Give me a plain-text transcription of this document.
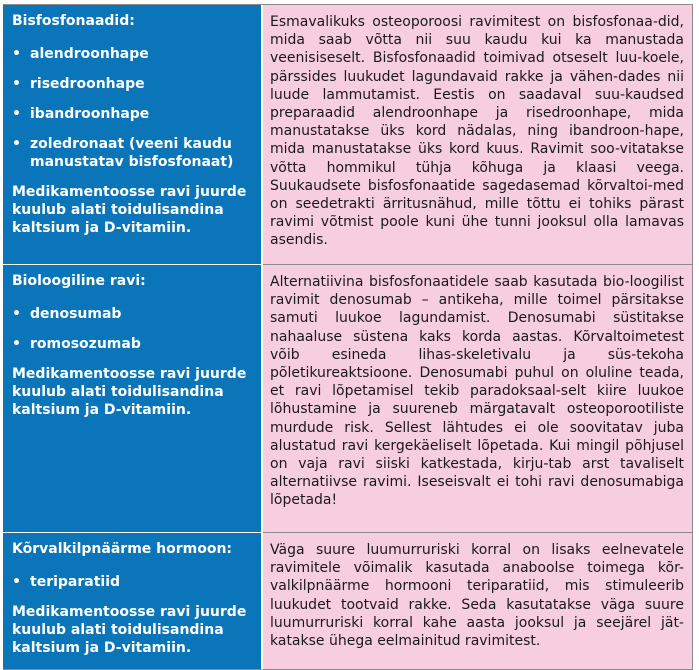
Bisfosfonaadid:
• alendroonhape
• risedroonhape
• ibandroonhape
• zoledronaat (veeni kaudu manustatav bisfosfonaat)
Medikamentoosse ravi juurde kuulub alati toidulisandina kaltsium ja D-vitamiin.
Esmavalikuks osteoporoosi ravimitest on bisfosfonaa-did, mida saab võtta nii suu kaudu kui ka manustada veenisiseselt. Bisfosfonaadid toimivad otseselt luu-koele, pärssides luukudet lagundavaid rakke ja vähen-dades nii luude lammutamist. Eestis on saadaval suu-kaudsed preparaadid alendroonhape ja risedroonhape, mida manustatakse üks kord nädalas, ning ibandroon-hape, mida manustatakse üks kord kuus. Ravimit soo-vitatakse võtta hommikul tühja kõhuga ja klaasi veega. Suukaudsete bisfosfonaatide sagedasemad kõrvaltoi-med on seedetrakti ärritusnähud, mille tõttu ei tohiks pärast ravimi võtmist poole kuni ühe tunni jooksul olla lamavas asendis.
Bioloogiline ravi:
• denosumab
• romosozumab
Medikamentoosse ravi juurde kuulub alati toidulisandina kaltsium ja D-vitamiin.
Alternatiivina bisfosfonaatidele saab kasutada bio-loogilist ravimit denosumab – antikeha, mille toimel pärsitakse samuti luukoe lagundamist. Denosumabi süstitakse nahaaluse süstena kaks korda aastas. Kõrvaltoimetest võib esineda lihas-skeletivalu ja süs-tekoha põletikureaktsioone. Denosumabi puhul on oluline teada, et ravi lõpetamisel tekib paradoksaal-selt kiire luukoe lõhustamine ja suureneb märgatavalt osteoporootiliste murdude risk. Sellest lähtudes ei ole soovitatav juba alustatud ravi kergekäeliselt lõpetada. Kui mingil põhjusel on vaja ravi siiski katkestada, kirju-tab arst tavaliselt alternatiivse ravimi. Iseseisvalt ei tohi ravi denosumabiga lõpetada!
Kõrvalkilpnäärme hormoon:
• teriparatiid
Medikamentoosse ravi juurde kuulub alati toidulisandina kaltsium ja D-vitamiin.
Väga suure luumurruriski korral on lisaks eelnevatele ravimitele võimalik kasutada anaboolse toimega kõr-valkilpnäärme hormooni teriparatiid, mis stimuleerib luukudet tootvaid rakke. Seda kasutatakse väga suure luumurruriski korral kahe aasta jooksul ja seejärel jät-katakse ühega eelmainitud ravimitest.
